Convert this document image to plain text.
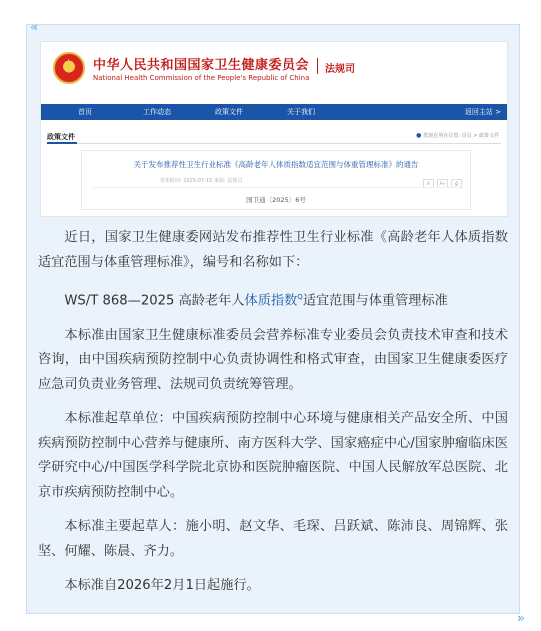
«‹
›»
★
中华人民共和国国家卫生健康委员会
National Health Commission of the People's Republic of China
法规司
首页	工作动态	政策文件	关于我们	返回主站 >
政策文件	● 您现在所在位置: 首页 > 政策文件
关于发布推荐性卫生行业标准《高龄老年人体质指数适宜范围与体重管理标准》的通告
发布时间: 2025-07-15 来源: 法规司	A	A+	⎙
国卫通〔2025〕6号

近日，国家卫生健康委网站发布推荐性卫生行业标准《高龄老年人体质指数适宜范围与体重管理标准》，编号和名称如下：

WS/T 868—2025 高龄老年人体质指数$^Q$适宜范围与体重管理标准

本标准由国家卫生健康标准委员会营养标准专业委员会负责技术审查和技术咨询，由中国疾病预防控制中心负责协调性和格式审查，由国家卫生健康委医疗应急司负责业务管理、法规司负责统筹管理。

本标准起草单位：中国疾病预防控制中心环境与健康相关产品安全所、中国疾病预防控制中心营养与健康所、南方医科大学、国家癌症中心/国家肿瘤临床医学研究中心/中国医学科学院北京协和医院肿瘤医院、中国人民解放军总医院、北京市疾病预防控制中心。

本标准主要起草人：施小明、赵文华、毛琛、吕跃斌、陈沛良、周锦辉、张坚、何耀、陈晨、齐力。

本标准自2026年2月1日起施行。
